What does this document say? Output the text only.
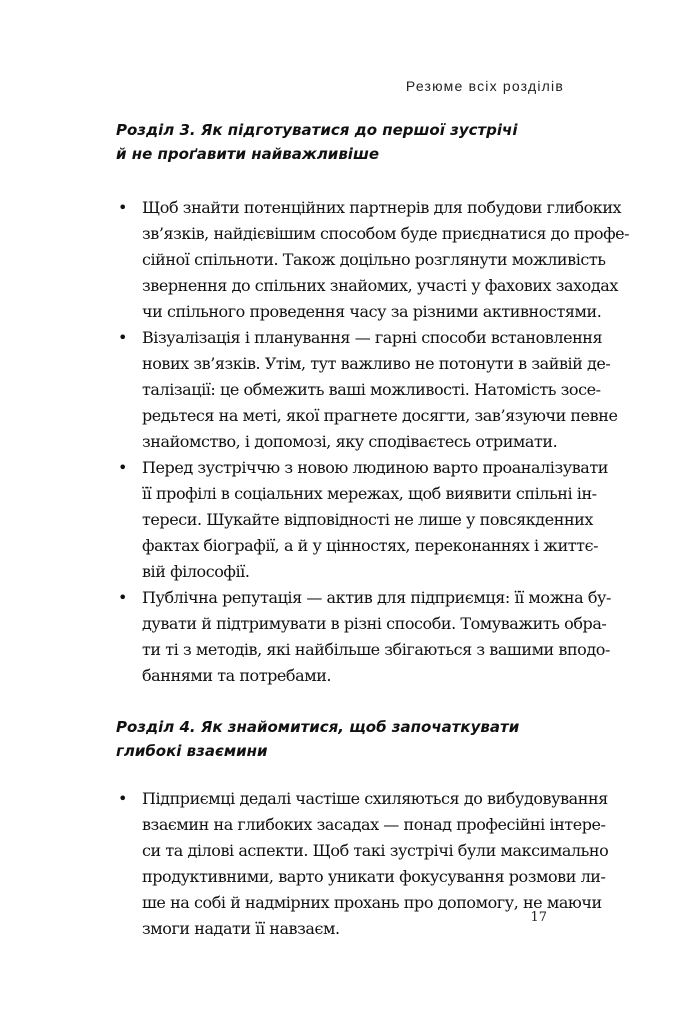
Резюме всіх розділів
Розділ 3. Як підготуватися до першої зустрічі
й не проґавити найважливіше
• Щоб знайти потенційних партнерів для побудови глибоких
зв’язків, найдієвішим способом буде приєднатися до профе-
сійної спільноти. Також доцільно розглянути можливість
звернення до спільних знайомих, участі у фахових заходах
чи спільного проведення часу за різними активностями.
• Візуалізація і планування — гарні способи встановлення
нових зв’язків. Утім, тут важливо не потонути в зайвій де-
талізації: це обмежить ваші можливості. Натомість зосе-
редьтеся на меті, якої прагнете досягти, зав’язуючи певне
знайомство, і допомозі, яку сподіваєтесь отримати.
• Перед зустріччю з новою людиною варто проаналізувати
її профілі в соціальних мережах, щоб виявити спільні ін-
тереси. Шукайте відповідності не лише у повсякденних
фактах біографії, а й у цінностях, переконаннях і життє-
вій філософії.
• Публічна репутація — актив для підприємця: її можна бу-
дувати й підтримувати в різні способи. Томуважить обра-
ти ті з методів, які найбільше збігаються з вашими вподо-
баннями та потребами.
Розділ 4. Як знайомитися, щоб започаткувати
глибокі взаємини
• Підприємці дедалі частіше схиляються до вибудовування
взаємин на глибоких засадах — понад професійні інтере-
си та ділові аспекти. Щоб такі зустрічі були максимально
продуктивними, варто уникати фокусування розмови ли-
ше на собі й надмірних прохань про допомогу, не маючи
змоги надати її навзаєм.
17
